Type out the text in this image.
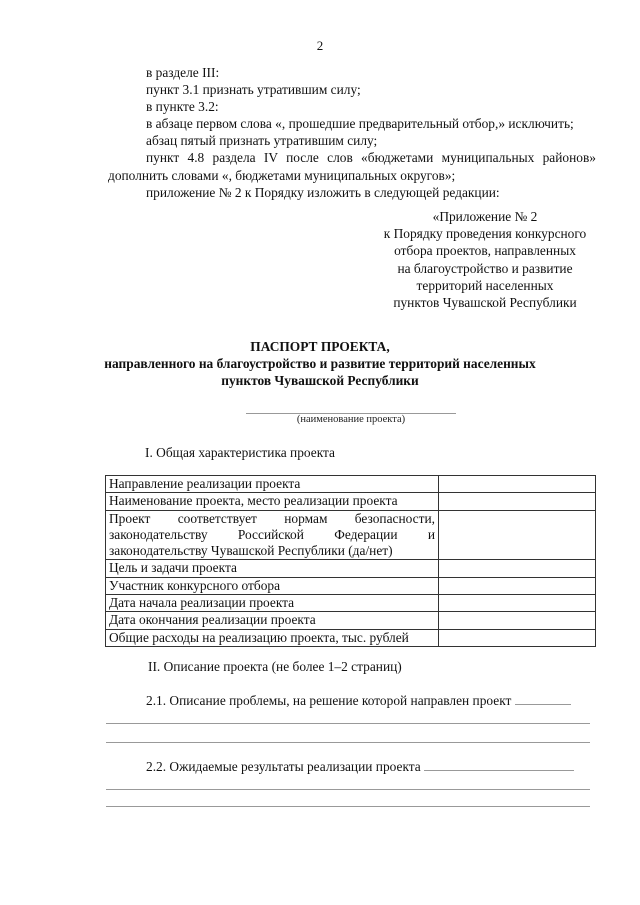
2
в разделе III:
пункт 3.1 признать утратившим силу;
в пункте 3.2:
в абзаце первом слова «, прошедшие предварительный отбор,» исключить;
абзац пятый признать утратившим силу;
пункт 4.8 раздела IV после слов «бюджетами муниципальных районов» дополнить словами «, бюджетами муниципальных округов»;
приложение № 2 к Порядку изложить в следующей редакции:
«Приложение № 2
к Порядку проведения конкурсного
отбора проектов, направленных
на благоустройство и развитие
территорий населенных
пунктов Чувашской Республики
ПАСПОРТ ПРОЕКТА,
направленного на благоустройство и развитие территорий населенных
пунктов Чувашской Республики
(наименование проекта)
I. Общая характеристика проекта
Направление реализации проекта	
Наименование проекта, место реализации проекта	
Проект соответствует нормам безопасности, законодательству Российской Федерации и законодательству Чувашской Республики (да/нет)	
Цель и задачи проекта	
Участник конкурсного отбора	
Дата начала реализации проекта	
Дата окончания реализации проекта	
Общие расходы на реализацию проекта, тыс. рублей	
II. Описание проекта (не более 1–2 страниц)
2.1. Описание проблемы, на решение которой направлен проект
2.2. Ожидаемые результаты реализации проекта
